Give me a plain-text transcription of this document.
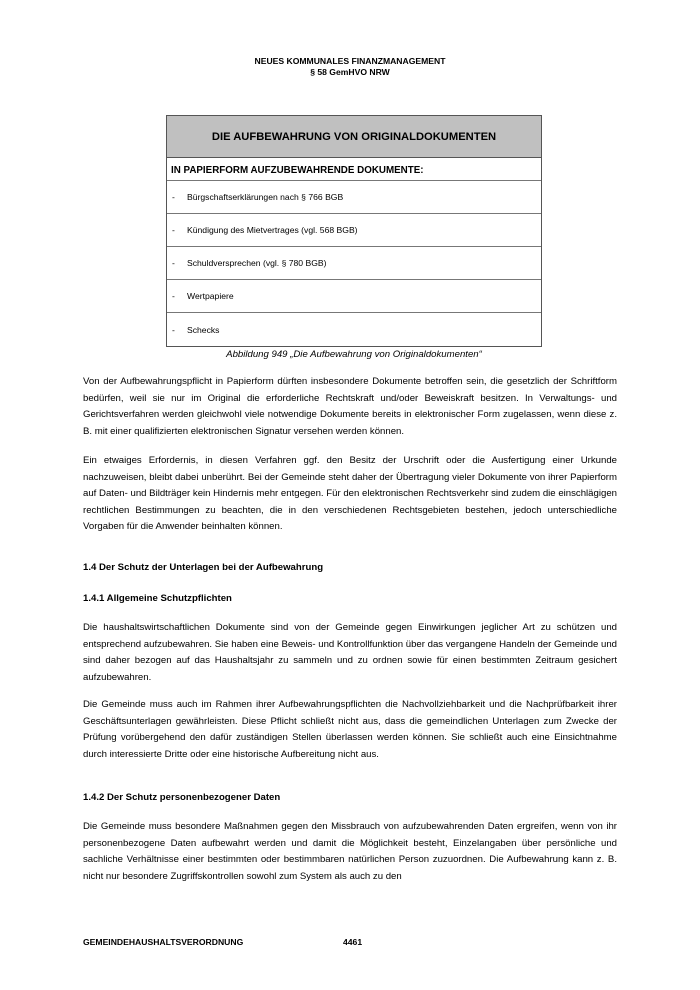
NEUES KOMMUNALES FINANZMANAGEMENT
§ 58 GemHVO NRW
DIE AUFBEWAHRUNG VON ORIGINALDOKUMENTEN
IN PAPIERFORM AUFZUBEWAHRENDE DOKUMENTE:
-	Bürgschaftserklärungen nach § 766 BGB
-	Kündigung des Mietvertrages (vgl. 568 BGB)
-	Schuldversprechen (vgl. § 780 BGB)
-	Wertpapiere
-	Schecks
Abbildung 949 „Die Aufbewahrung von Originaldokumenten“

Von der Aufbewahrungspflicht in Papierform dürften insbesondere Dokumente betroffen sein, die gesetzlich der Schriftform bedürfen, weil sie nur im Original die erforderliche Rechtskraft und/oder Beweiskraft besitzen. In Verwaltungs- und Gerichtsverfahren werden gleichwohl viele notwendige Dokumente bereits in elektronischer Form zugelassen, wenn diese z. B. mit einer qualifizierten elektronischen Signatur versehen werden können.

Ein etwaiges Erfordernis, in diesen Verfahren ggf. den Besitz der Urschrift oder die Ausfertigung einer Urkunde nachzuweisen, bleibt dabei unberührt. Bei der Gemeinde steht daher der Übertragung vieler Dokumente von ihrer Papierform auf Daten- und Bildträger kein Hindernis mehr entgegen. Für den elektronischen Rechtsverkehr sind zudem die einschlägigen rechtlichen Bestimmungen zu beachten, die in den verschiedenen Rechtsgebieten bestehen, jedoch unterschiedliche Vorgaben für die Anwender beinhalten können.

1.4 Der Schutz der Unterlagen bei der Aufbewahrung
1.4.1 Allgemeine Schutzpflichten

Die haushaltswirtschaftlichen Dokumente sind von der Gemeinde gegen Einwirkungen jeglicher Art zu schützen und entsprechend aufzubewahren. Sie haben eine Beweis- und Kontrollfunktion über das vergangene Handeln der Gemeinde und sind daher bezogen auf das Haushaltsjahr zu sammeln und zu ordnen sowie für einen bestimmten Zeitraum gesichert aufzubewahren.

Die Gemeinde muss auch im Rahmen ihrer Aufbewahrungspflichten die Nachvollziehbarkeit und die Nachprüfbarkeit ihrer Geschäftsunterlagen gewährleisten. Diese Pflicht schließt nicht aus, dass die gemeindlichen Unterlagen zum Zwecke der Prüfung vorübergehend den dafür zuständigen Stellen überlassen werden können. Sie schließt auch eine Einsichtnahme durch interessierte Dritte oder eine historische Aufbereitung nicht aus.

1.4.2 Der Schutz personenbezogener Daten

Die Gemeinde muss besondere Maßnahmen gegen den Missbrauch von aufzubewahrenden Daten ergreifen, wenn von ihr personenbezogene Daten aufbewahrt werden und damit die Möglichkeit besteht, Einzelangaben über persönliche und sachliche Verhältnisse einer bestimmten oder bestimmbaren natürlichen Person zuzuordnen. Die Aufbewahrung kann z. B. nicht nur besondere Zugriffskontrollen sowohl zum System als auch zu den

GEMEINDEHAUSHALTSVERORDNUNG	4461
